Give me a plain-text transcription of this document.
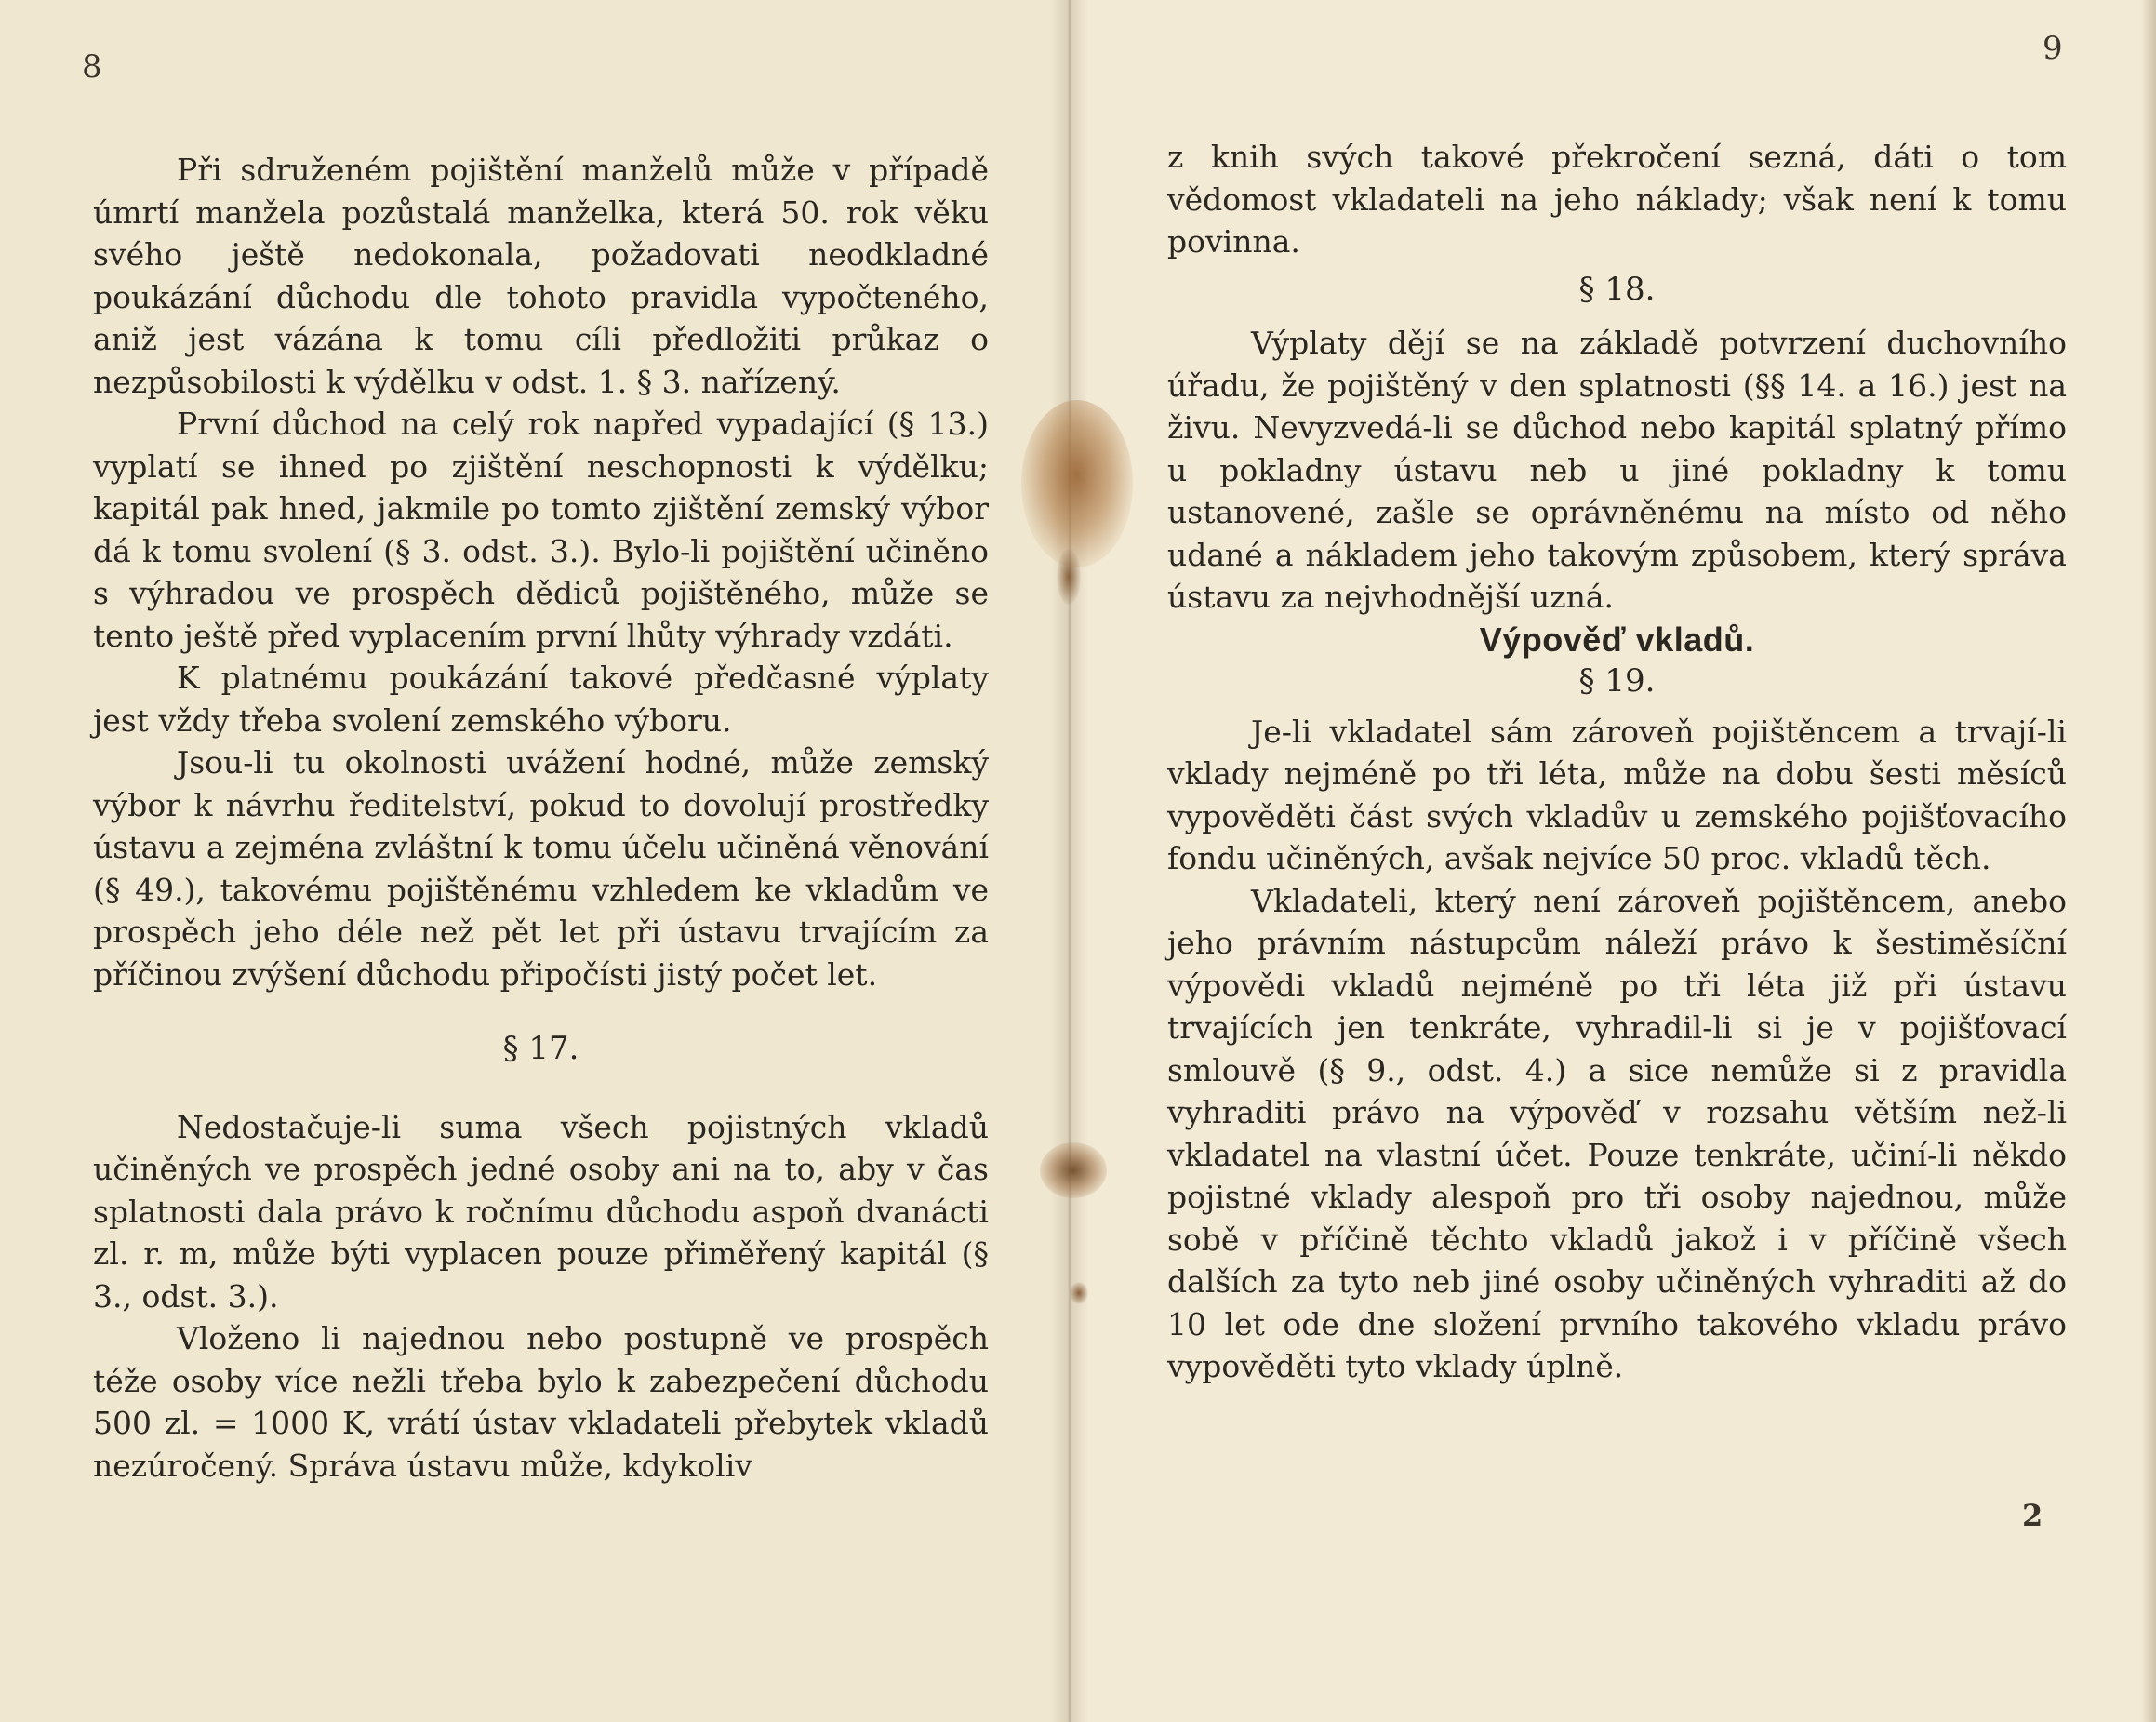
8	9

Při sdruženém pojištění manželů může v případě úmrtí manžela pozůstalá manželka, která 50. rok věku svého ještě nedokonala, požadovati neodkladné poukázání důchodu dle tohoto pravidla vypočteného, aniž jest vázána k tomu cíli předložiti průkaz o nezpůsobilosti k výdělku v odst. 1. § 3. nařízený.

První důchod na celý rok napřed vypadající (§ 13.) vyplatí se ihned po zjištění neschopnosti k výdělku; kapitál pak hned, jakmile po tomto zjištění zemský výbor dá k tomu svolení (§ 3. odst. 3.). Bylo-li pojištění učiněno s výhradou ve prospěch dědiců pojištěného, může se tento ještě před vyplacením první lhůty výhrady vzdáti.

K platnému poukázání takové předčasné výplaty jest vždy třeba svolení zemského výboru.

Jsou-li tu okolnosti uvážení hodné, může zemský výbor k návrhu ředitelství, pokud to dovolují prostředky ústavu a zejména zvláštní k tomu účelu učiněná věnování (§ 49.), takovému pojištěnému vzhledem ke vkladům ve prospěch jeho déle než pět let při ústavu trvajícím za příčinou zvýšení důchodu připočísti jistý počet let.

§ 17.

Nedostačuje-li suma všech pojistných vkladů učiněných ve prospěch jedné osoby ani na to, aby v čas splatnosti dala právo k ročnímu důchodu aspoň dvanácti zl. r. m, může býti vyplacen pouze přiměřený kapitál (§ 3., odst. 3.).

Vloženo li najednou nebo postupně ve prospěch téže osoby více nežli třeba bylo k zabezpečení důchodu 500 zl. = 1000 K, vrátí ústav vkladateli přebytek vkladů nezúročený. Správa ústavu může, kdykoliv

z knih svých takové překročení sezná, dáti o tom vědomost vkladateli na jeho náklady; však není k tomu povinna.

§ 18.

Výplaty dějí se na základě potvrzení duchovního úřadu, že pojištěný v den splatnosti (§§ 14. a 16.) jest na živu. Nevyzvedá-li se důchod nebo kapitál splatný přímo u pokladny ústavu neb u jiné pokladny k tomu ustanovené, zašle se oprávněnému na místo od něho udané a nákladem jeho takovým způsobem, který správa ústavu za nejvhodnější uzná.

Výpověď vkladů.

§ 19.

Je-li vkladatel sám zároveň pojištěncem a trvají-li vklady nejméně po tři léta, může na dobu šesti měsíců vypověděti část svých vkladův u zemského pojišťovacího fondu učiněných, avšak nejvíce 50 proc. vkladů těch.

Vkladateli, který není zároveň pojištěncem, anebo jeho právním nástupcům náleží právo k šestiměsíční výpovědi vkladů nejméně po tři léta již při ústavu trvajících jen tenkráte, vyhradil-li si je v pojišťovací smlouvě (§ 9., odst. 4.) a sice nemůže si z pravidla vyhraditi právo na výpověď v rozsahu větším než-li vkladatel na vlastní účet. Pouze tenkráte, učiní-li někdo pojistné vklady alespoň pro tři osoby najednou, může sobě v příčině těchto vkladů jakož i v příčině všech dalších za tyto neb jiné osoby učiněných vyhraditi až do 10 let ode dne složení prvního takového vkladu právo vypověděti tyto vklady úplně.

2
